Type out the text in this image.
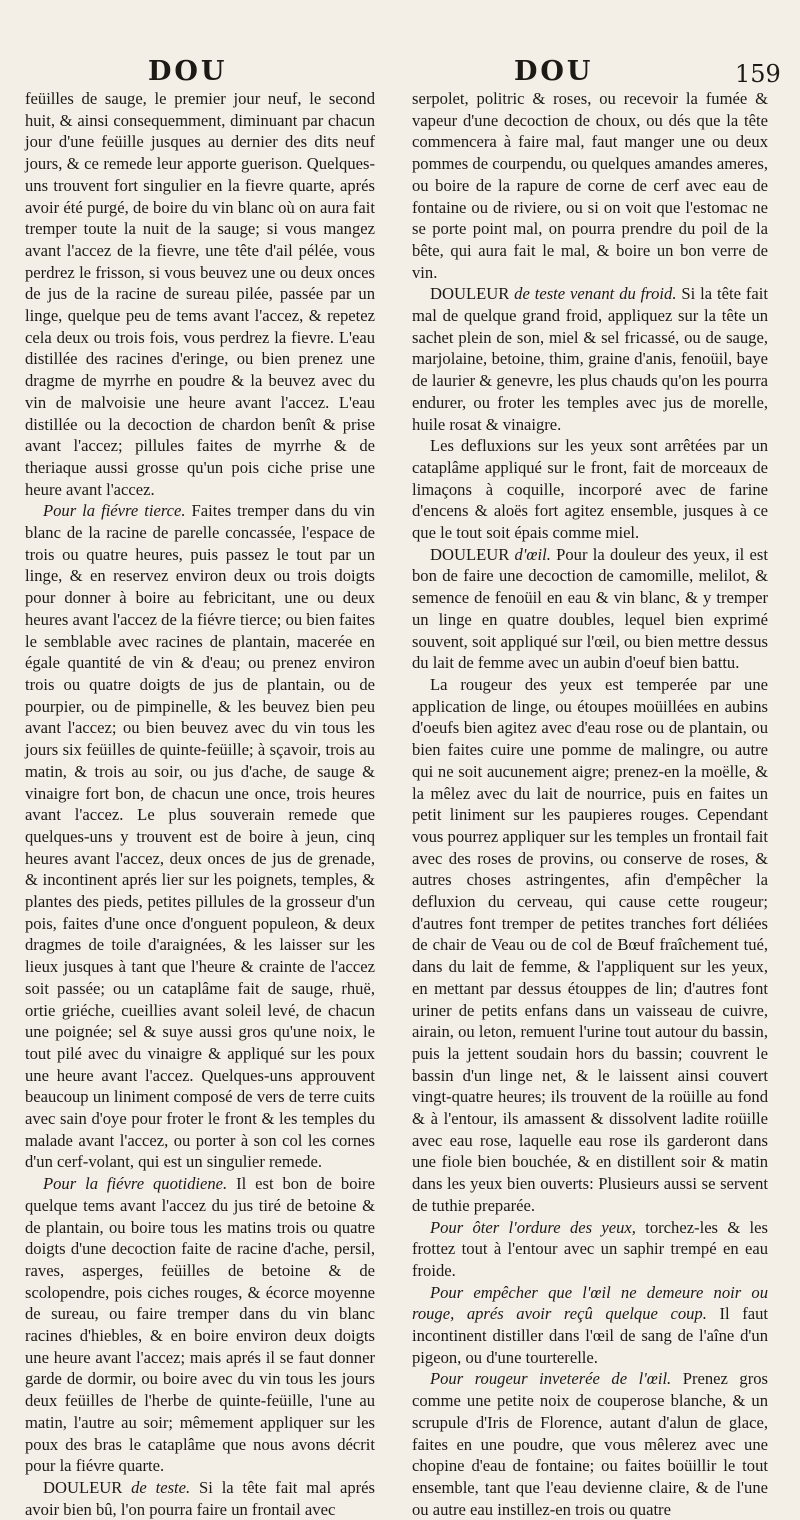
DOU	DOU	159

feüilles de sauge, le premier jour neuf, le second huit, & ainsi consequemment, diminuant par chacun jour d'une feüille jusques au dernier des dits neuf jours, & ce remede leur apporte guerison. Quelques-uns trouvent fort singulier en la fievre quarte, aprés avoir été purgé, de boire du vin blanc où on aura fait tremper toute la nuit de la sauge; si vous mangez avant l'accez de la fievre, une tête d'ail pélée, vous perdrez le frisson, si vous beuvez une ou deux onces de jus de la racine de sureau pilée, passée par un linge, quelque peu de tems avant l'accez, & repetez cela deux ou trois fois, vous perdrez la fievre. L'eau distillée des racines d'eringe, ou bien prenez une dragme de myrrhe en poudre & la beuvez avec du vin de malvoisie une heure avant l'accez. L'eau distillée ou la decoction de chardon benît & prise avant l'accez; pillules faites de myrrhe & de theriaque aussi grosse qu'un pois ciche prise une heure avant l'accez.

Pour la fiévre tierce. Faites tremper dans du vin blanc de la racine de parelle concassée, l'espace de trois ou quatre heures, puis passez le tout par un linge, & en reservez environ deux ou trois doigts pour donner à boire au febricitant, une ou deux heures avant l'accez de la fiévre tierce; ou bien faites le semblable avec racines de plantain, macerée en égale quantité de vin & d'eau; ou prenez environ trois ou quatre doigts de jus de plantain, ou de pourpier, ou de pimpinelle, & les beuvez bien peu avant l'accez; ou bien beuvez avec du vin tous les jours six feüilles de quinte-feüille; à sçavoir, trois au matin, & trois au soir, ou jus d'ache, de sauge & vinaigre fort bon, de chacun une once, trois heures avant l'accez. Le plus souverain remede que quelques-uns y trouvent est de boire à jeun, cinq heures avant l'accez, deux onces de jus de grenade, & incontinent aprés lier sur les poignets, temples, & plantes des pieds, petites pillules de la grosseur d'un pois, faites d'une once d'onguent populeon, & deux dragmes de toile d'araignées, & les laisser sur les lieux jusques à tant que l'heure & crainte de l'accez soit passée; ou un cataplâme fait de sauge, rhuë, ortie griéche, cueillies avant soleil levé, de chacun une poignée; sel & suye aussi gros qu'une noix, le tout pilé avec du vinaigre & appliqué sur les poux une heure avant l'accez. Quelques-uns approuvent beaucoup un liniment composé de vers de terre cuits avec sain d'oye pour froter le front & les temples du malade avant l'accez, ou porter à son col les cornes d'un cerf-volant, qui est un singulier remede.

Pour la fiévre quotidiene. Il est bon de boire quelque tems avant l'accez du jus tiré de betoine & de plantain, ou boire tous les matins trois ou quatre doigts d'une decoction faite de racine d'ache, persil, raves, asperges, feüilles de betoine & de scolopendre, pois ciches rouges, & écorce moyenne de sureau, ou faire tremper dans du vin blanc racines d'hiebles, & en boire environ deux doigts une heure avant l'accez; mais aprés il se faut donner garde de dormir, ou boire avec du vin tous les jours deux feüilles de l'herbe de quinte-feüille, l'une au matin, l'autre au soir; mêmement appliquer sur les poux des bras le cataplâme que nous avons décrit pour la fiévre quarte.

DOULEUR de teste. Si la tête fait mal aprés avoir bien bû, l'on pourra faire un frontail avec

serpolet, politric & roses, ou recevoir la fumée & vapeur d'une decoction de choux, ou dés que la tête commencera à faire mal, faut manger une ou deux pommes de courpendu, ou quelques amandes ameres, ou boire de la rapure de corne de cerf avec eau de fontaine ou de riviere, ou si on voit que l'estomac ne se porte point mal, on pourra prendre du poil de la bête, qui aura fait le mal, & boire un bon verre de vin.

DOULEUR de teste venant du froid. Si la tête fait mal de quelque grand froid, appliquez sur la tête un sachet plein de son, miel & sel fricassé, ou de sauge, marjolaine, betoine, thim, graine d'anis, fenoüil, baye de laurier & genevre, les plus chauds qu'on les pourra endurer, ou froter les temples avec jus de morelle, huile rosat & vinaigre.

Les defluxions sur les yeux sont arrêtées par un cataplâme appliqué sur le front, fait de morceaux de limaçons à coquille, incorporé avec de farine d'encens & aloës fort agitez ensemble, jusques à ce que le tout soit épais comme miel.

DOULEUR d'œil. Pour la douleur des yeux, il est bon de faire une decoction de camomille, melilot, & semence de fenoüil en eau & vin blanc, & y tremper un linge en quatre doubles, lequel bien exprimé souvent, soit appliqué sur l'œil, ou bien mettre dessus du lait de femme avec un aubin d'oeuf bien battu.

La rougeur des yeux est temperée par une application de linge, ou étoupes moüillées en aubins d'oeufs bien agitez avec d'eau rose ou de plantain, ou bien faites cuire une pomme de malingre, ou autre qui ne soit aucunement aigre; prenez-en la moëlle, & la mêlez avec du lait de nourrice, puis en faites un petit liniment sur les paupieres rouges. Cependant vous pourrez appliquer sur les temples un frontail fait avec des roses de provins, ou conserve de roses, & autres choses astringentes, afin d'empêcher la defluxion du cerveau, qui cause cette rougeur; d'autres font tremper de petites tranches fort déliées de chair de Veau ou de col de Bœuf fraîchement tué, dans du lait de femme, & l'appliquent sur les yeux, en mettant par dessus étouppes de lin; d'autres font uriner de petits enfans dans un vaisseau de cuivre, airain, ou leton, remuent l'urine tout autour du bassin, puis la jettent soudain hors du bassin; couvrent le bassin d'un linge net, & le laissent ainsi couvert vingt-quatre heures; ils trouvent de la roüille au fond & à l'entour, ils amassent & dissolvent ladite roüille avec eau rose, laquelle eau rose ils garderont dans une fiole bien bouchée, & en distillent soir & matin dans les yeux bien ouverts: Plusieurs aussi se servent de tuthie preparée.

Pour ôter l'ordure des yeux, torchez-les & les frottez tout à l'entour avec un saphir trempé en eau froide.

Pour empêcher que l'œil ne demeure noir ou rouge, aprés avoir reçû quelque coup. Il faut incontinent distiller dans l'œil de sang de l'aîne d'un pigeon, ou d'une tourterelle.

Pour rougeur inveterée de l'œil. Prenez gros comme une petite noix de couperose blanche, & un scrupule d'Iris de Florence, autant d'alun de glace, faites en une poudre, que vous mêlerez avec une chopine d'eau de fontaine; ou faites boüillir le tout ensemble, tant que l'eau devienne claire, & de l'une ou autre eau instillez-en trois ou quatre
